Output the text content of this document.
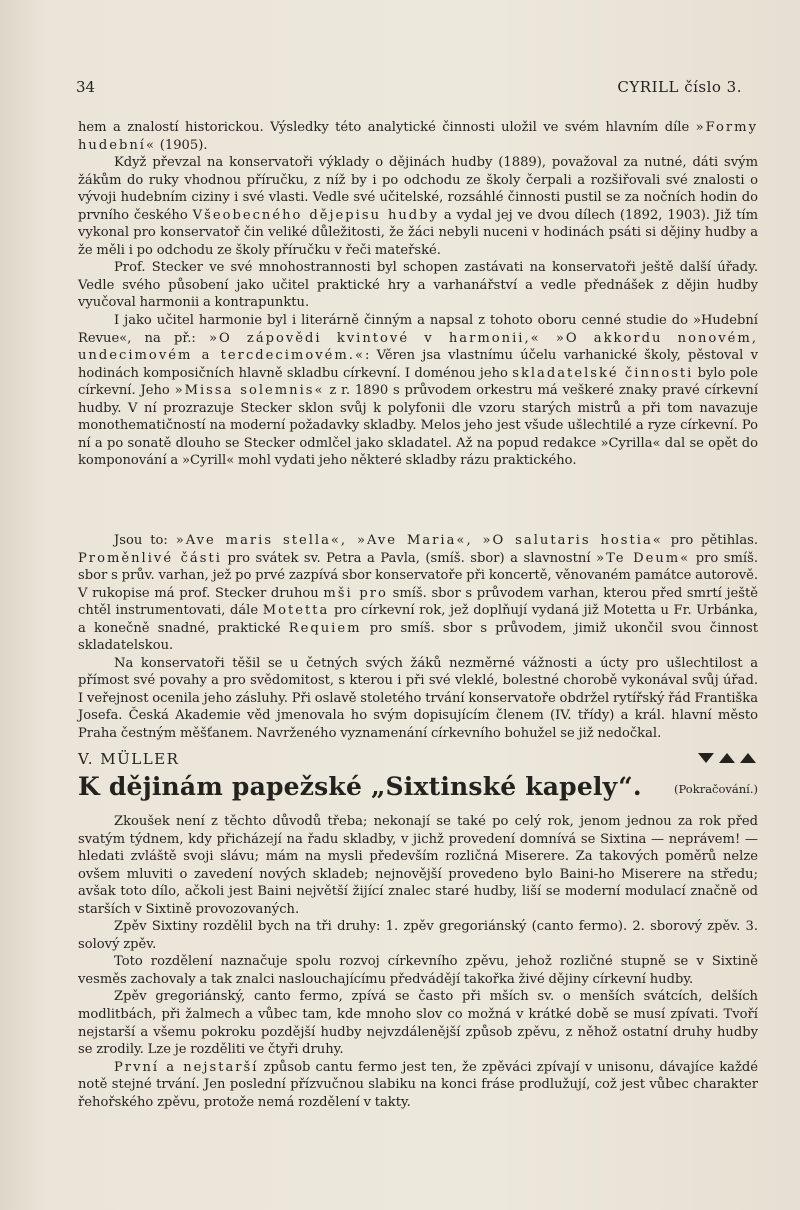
34	CYRILL číslo 3.

hem a znalostí historickou. Výsledky této analytické činnosti uložil ve svém hlavním díle »Formy hudební« (1905).

Když převzal na konservatoři výklady o dějinách hudby (1889), považoval za nutné, dáti svým žákům do ruky vhodnou příručku, z níž by i po odchodu ze školy čerpali a rozšiřovali své znalosti o vývoji hudebním ciziny i své vlasti. Vedle své učitelské, rozsáhlé činnosti pustil se za nočních hodin do prvního českého Všeobecného dějepisu hudby a vydal jej ve dvou dílech (1892, 1903). Již tím vykonal pro konservatoř čin veliké důležitosti, že žáci nebyli nuceni v hodinách psáti si dějiny hudby a že měli i po odchodu ze školy příručku v řeči mateřské.

Prof. Stecker ve své mnohostrannosti byl schopen zastávati na konservatoři ještě další úřady. Vedle svého působení jako učitel praktické hry a varhanářství a vedle přednášek z dějin hudby vyučoval harmonii a kontrapunktu.

I jako učitel harmonie byl i literárně činným a napsal z tohoto oboru cenné studie do »Hudební Revue«, na př.: »O zápovědi kvintové v harmonii,« »O akkordu nonovém, undecimovém a tercdecimovém.«: Věren jsa vlastnímu účelu varhanické školy, pěstoval v hodinách komposičních hlavně skladbu církevní. I doménou jeho skladatelské činnosti bylo pole církevní. Jeho »Missa solemnis« z r. 1890 s průvodem orkestru má veškeré znaky pravé církevní hudby. V ní prozrazuje Stecker sklon svůj k polyfonii dle vzoru starých mistrů a při tom navazuje monothematičností na moderní požadavky skladby. Melos jeho jest všude ušlechtilé a ryze církevní. Po ní a po sonatě dlouho se Stecker odmlčel jako skladatel. Až na popud redakce »Cyrilla« dal se opět do komponování a »Cyrill« mohl vydati jeho některé skladby rázu praktického.

Jsou to: »Ave maris stella«, »Ave Maria«, »O salutaris hostia« pro pětihlas. Proměnlivé části pro svátek sv. Petra a Pavla, (smíš. sbor) a slavnostní »Te Deum« pro smíš. sbor s prův. varhan, jež po prvé zazpívá sbor konservatoře při koncertě, věnovaném památce autorově. V rukopise má prof. Stecker druhou mši pro smíš. sbor s průvodem varhan, kterou před smrtí ještě chtěl instrumentovati, dále Motetta pro církevní rok, jež doplňují vydaná již Motetta u Fr. Urbánka, a konečně snadné, praktické Requiem pro smíš. sbor s průvodem, jimiž ukončil svou činnost skladatelskou.

Na konservatoři těšil se u četných svých žáků nezměrné vážnosti a úcty pro ušlechtilost a přímost své povahy a pro svědomitost, s kterou i při své vleklé, bolestné chorobě vykonával svůj úřad. I veřejnost ocenila jeho zásluhy. Při oslavě stoletého trvání konservatoře obdržel rytířský řád Františka Josefa. Česká Akademie věd jmenovala ho svým dopisujícím členem (IV. třídy) a král. hlavní město Praha čestným měšťanem. Navrženého vyznamenání církevního bohužel se již nedočkal.

V. MÜLLER
K dějinám papežské „Sixtinské kapely“.	(Pokračování.)

Zkoušek není z těchto důvodů třeba; nekonají se také po celý rok, jenom jednou za rok před svatým týdnem, kdy přicházejí na řadu skladby, v jichž provedení domnívá se Sixtina — neprávem! — hledati zvláště svoji slávu; mám na mysli především rozličná Miserere. Za takových poměrů nelze ovšem mluviti o zavedení nových skladeb; nejnovější provedeno bylo Baini-ho Miserere na středu; avšak toto dílo, ačkoli jest Baini největší žijící znalec staré hudby, liší se moderní modulací značně od starších v Sixtině provozovaných.

Zpěv Sixtiny rozdělil bych na tři druhy: 1. zpěv gregoriánský (canto fermo). 2. sborový zpěv. 3. solový zpěv.

Toto rozdělení naznačuje spolu rozvoj církevního zpěvu, jehož rozličné stupně se v Sixtině vesměs zachovaly a tak znalci naslouchajícímu předvádějí takořka živé dějiny církevní hudby.

Zpěv gregoriánský, canto fermo, zpívá se často při mších sv. o menších svátcích, delších modlitbách, při žalmech a vůbec tam, kde mnoho slov co možná v krátké době se musí zpívati. Tvoří nejstarší a všemu pokroku pozdější hudby nejvzdálenější způsob zpěvu, z něhož ostatní druhy hudby se zrodily. Lze je rozděliti ve čtyři druhy.

První a nejstarší způsob cantu fermo jest ten, že zpěváci zpívají v unisonu, dávajíce každé notě stejné trvání. Jen poslední přízvučnou slabiku na konci fráse prodlužují, což jest vůbec charakter řehořského zpěvu, protože nemá rozdělení v takty.
